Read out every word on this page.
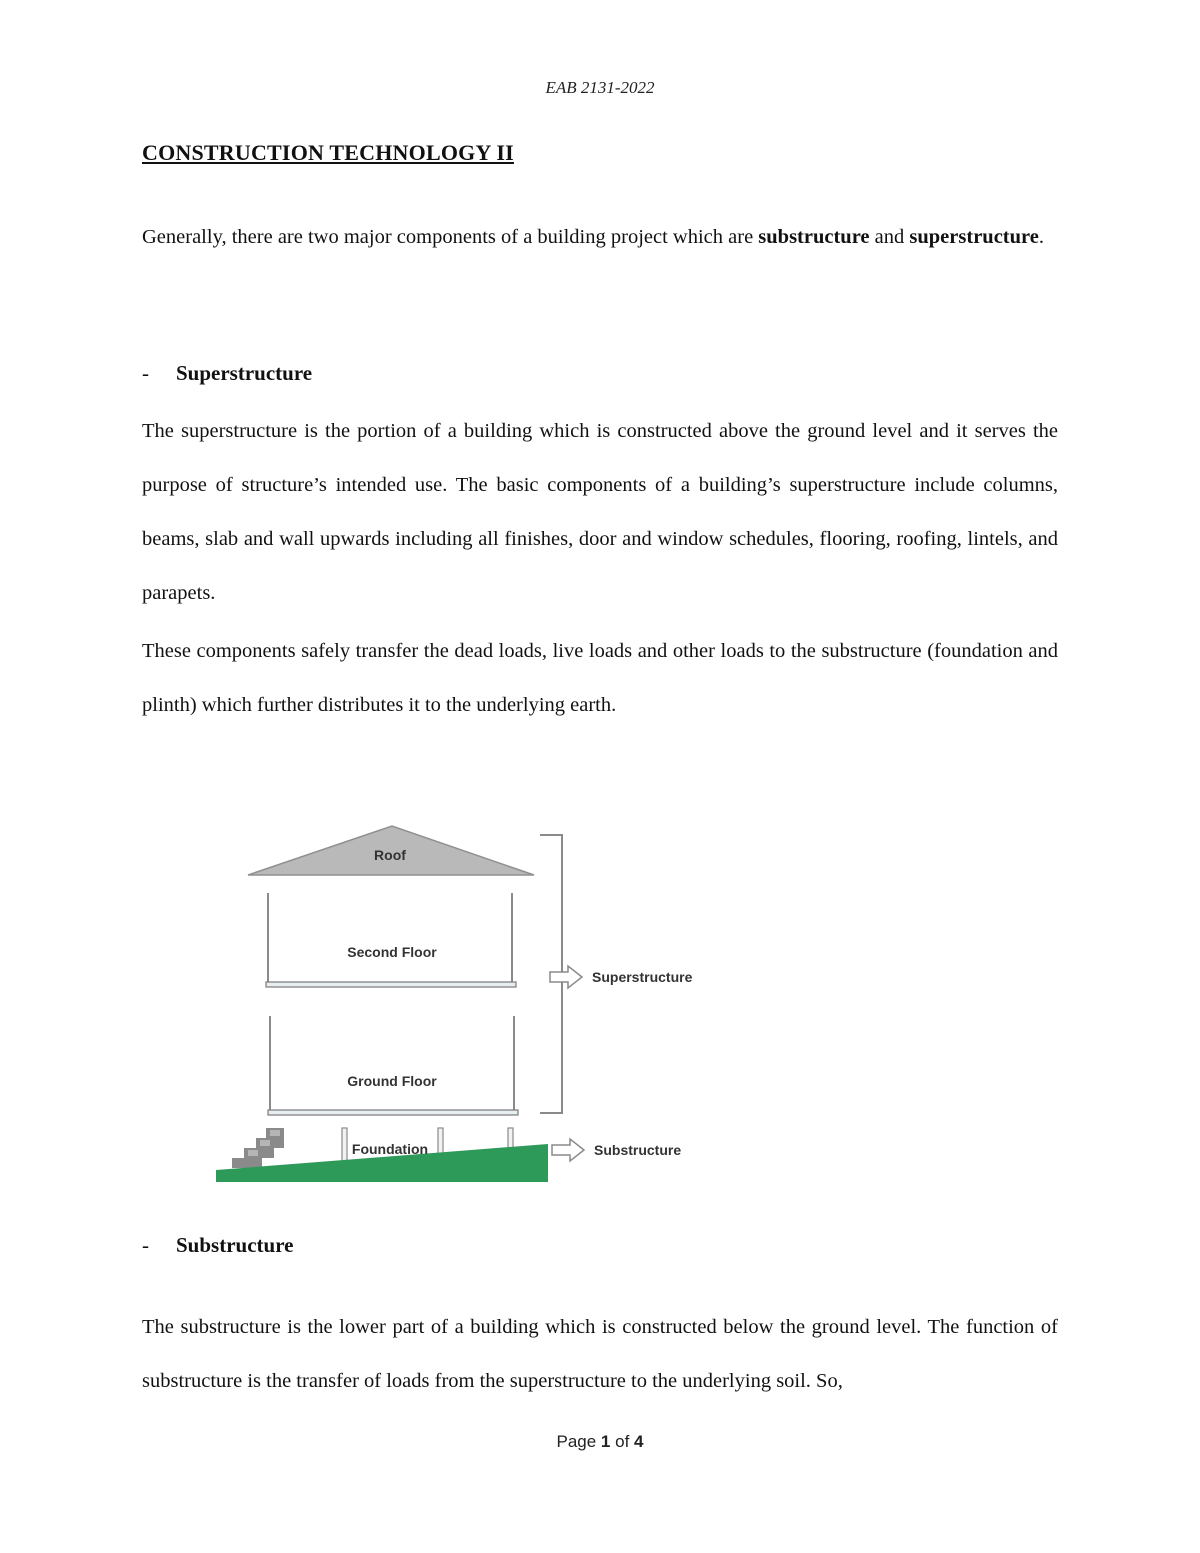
EAB 2131-2022
CONSTRUCTION TECHNOLOGY II

Generally, there are two major components of a building project which are substructure and superstructure.

- Superstructure

The superstructure is the portion of a building which is constructed above the ground level and it serves the purpose of structure’s intended use. The basic components of a building’s superstructure include columns, beams, slab and wall upwards including all finishes, door and window schedules, flooring, roofing, lintels, and parapets.

These components safely transfer the dead loads, live loads and other loads to the substructure (foundation and plinth) which further distributes it to the underlying earth.

Roof
Second Floor
Ground Floor
Foundation
Superstructure
Substructure
- Substructure

The substructure is the lower part of a building which is constructed below the ground level. The function of substructure is the transfer of loads from the superstructure to the underlying soil. So,

Page 1 of 4
